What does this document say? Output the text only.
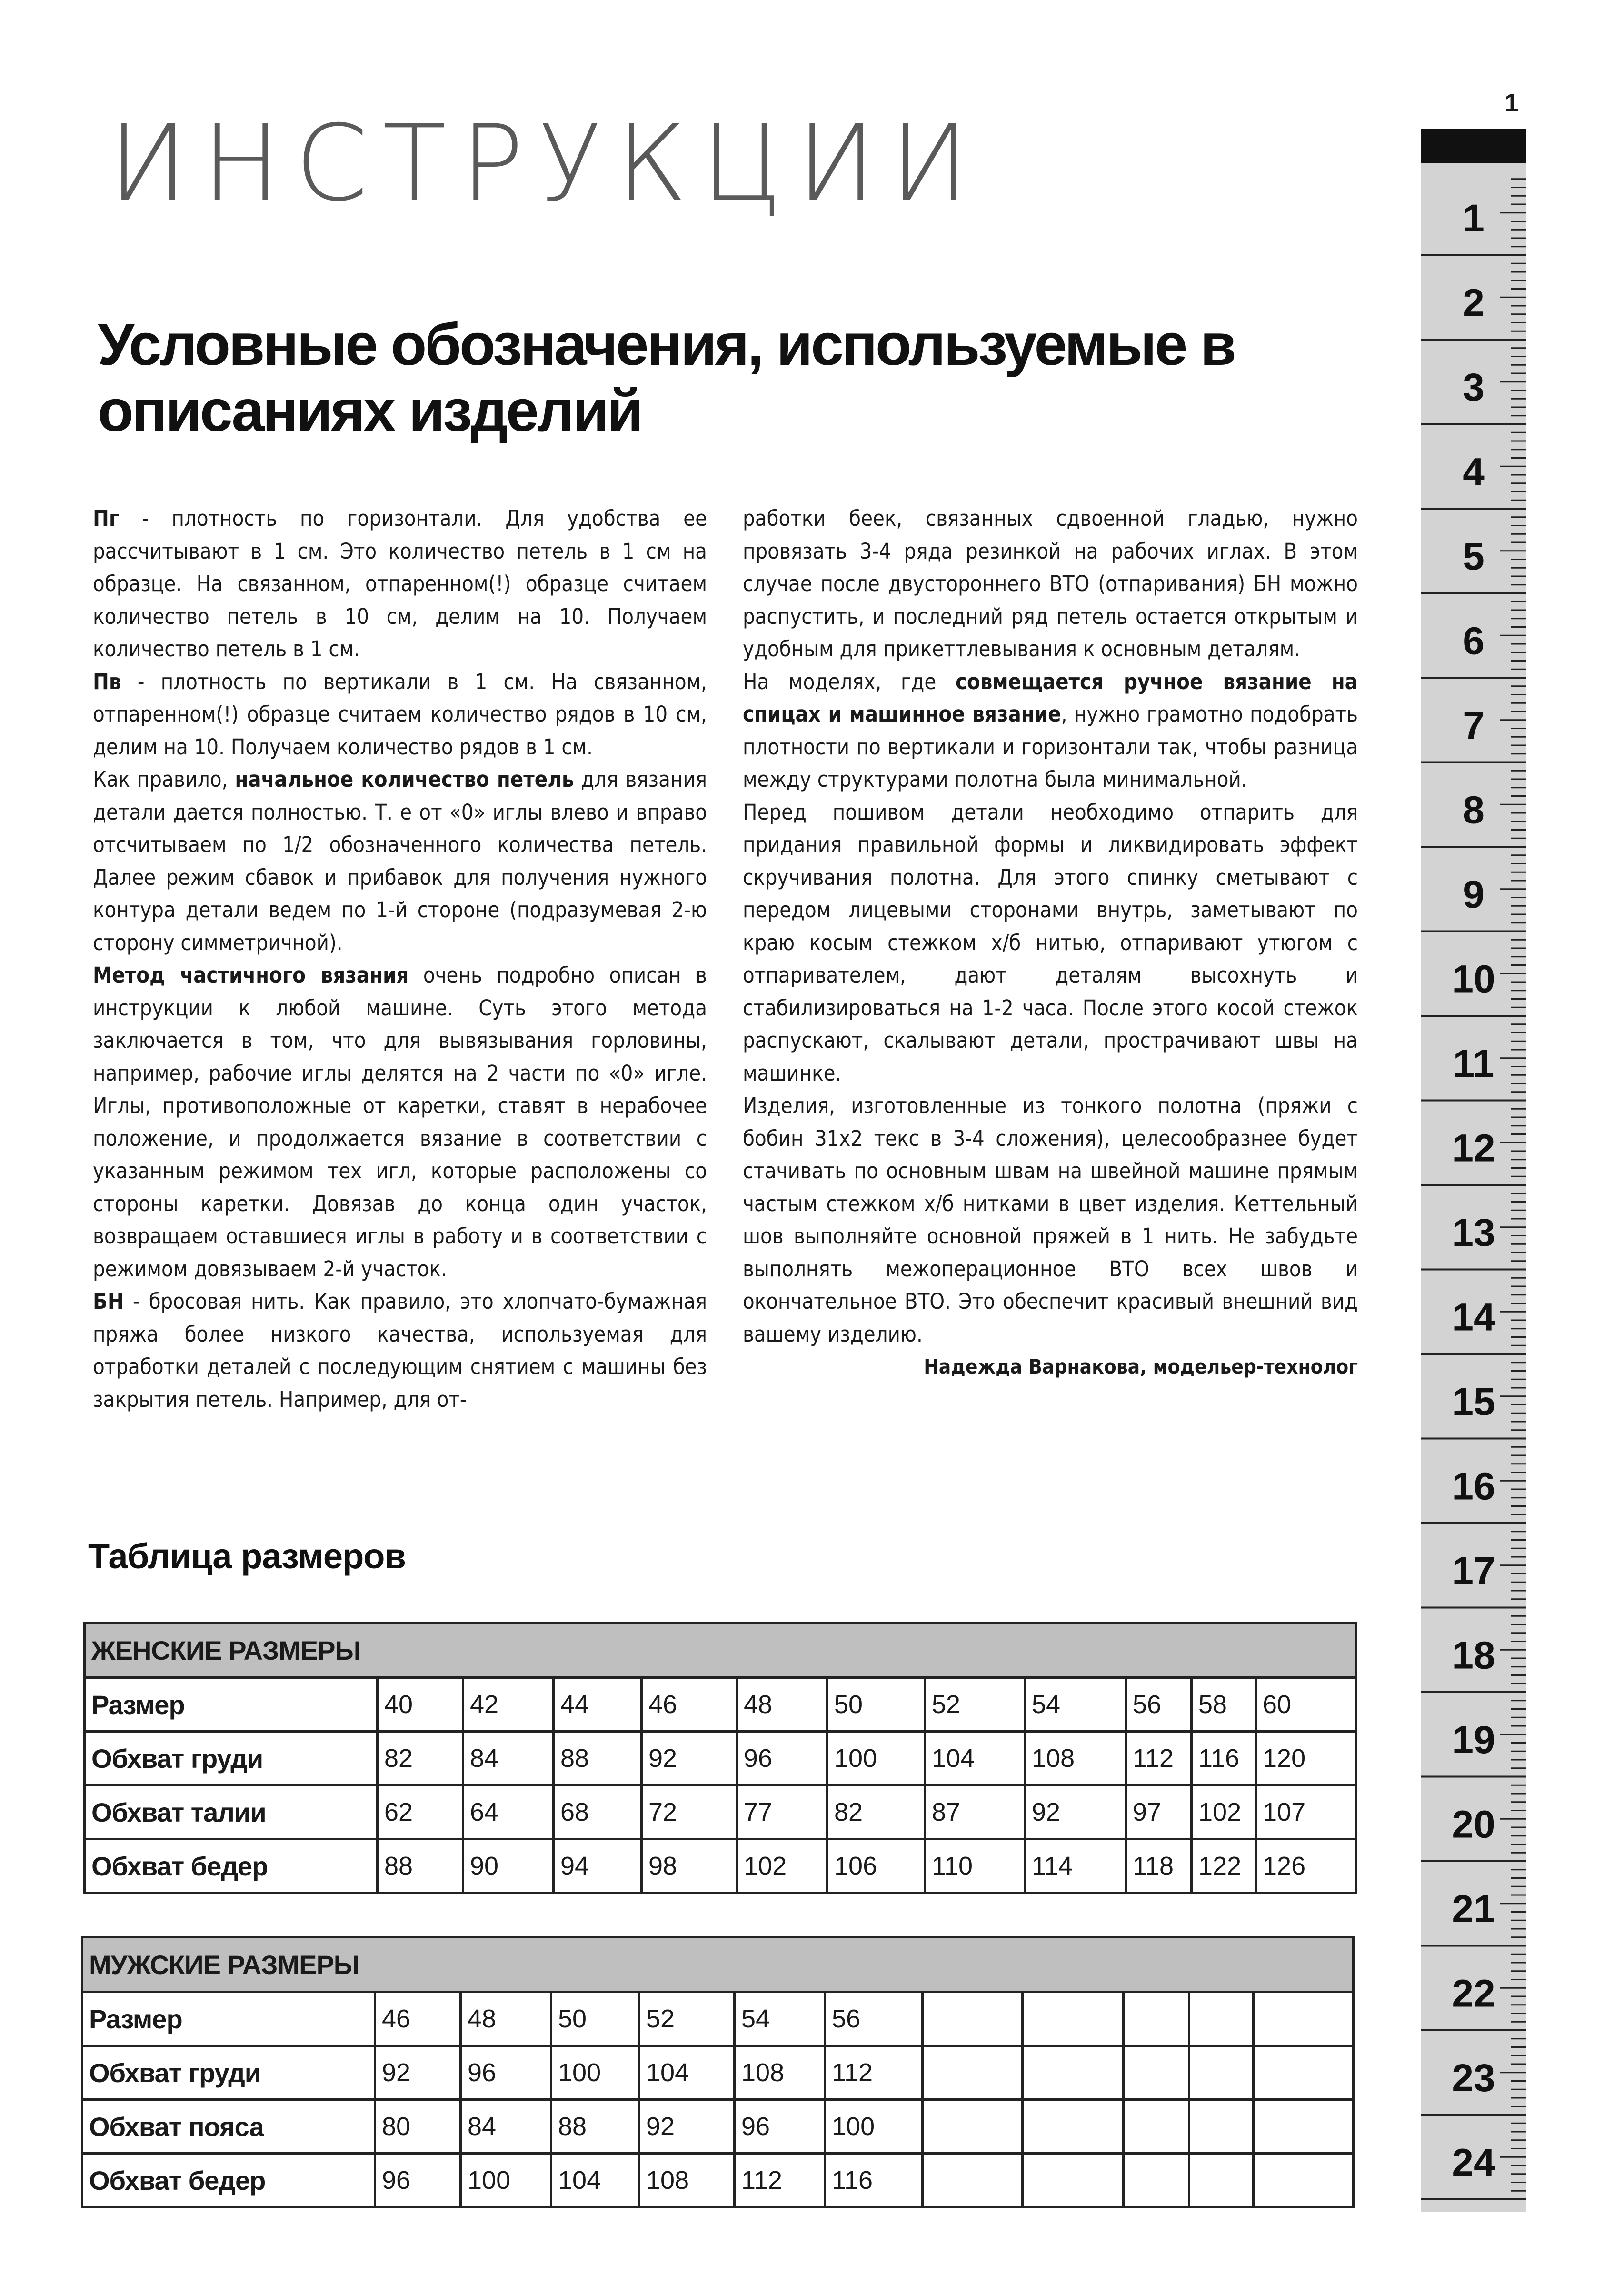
1
ИНСТРУКЦИИ
Условные обозначения, используемые в описаниях изделий

Пг - плотность по горизонтали. Для удобства ее рассчитывают в 1 см. Это количество петель в 1 см на образце. На связанном, отпаренном(!) образце считаем количество петель в 10 см, делим на 10. Получаем количество петель в 1 см.

Пв - плотность по вертикали в 1 см. На связанном, отпаренном(!) образце считаем количество рядов в 10 см, делим на 10. Получаем количество рядов в 1 см.

Как правило, начальное количество петель для вязания детали дается полностью. Т. е от «0» иглы влево и вправо отсчитываем по 1/2 обозначенного количества петель. Далее режим сбавок и прибавок для получения нужного контура детали ведем по 1-й стороне (подразумевая 2-ю сторону симметричной).

Метод частичного вязания очень подробно описан в инструкции к любой машине. Суть этого метода заключается в том, что для вывязывания горловины, например, рабочие иглы делятся на 2 части по «0» игле. Иглы, противоположные от каретки, ставят в нерабочее положение, и продолжается вязание в соответствии с указанным режимом тех игл, которые расположены со стороны каретки. Довязав до конца один участок, возвращаем оставшиеся иглы в работу и в соответствии с режимом довязываем 2-й участок.

БН - бросовая нить. Как правило, это хлопчато-бумажная пряжа более низкого качества, используемая для отработки деталей с последующим снятием с машины без закрытия петель. Например, для от-

работки беек, связанных сдвоенной гладью, нужно провязать 3-4 ряда резинкой на рабочих иглах. В этом случае после двустороннего ВТО (отпаривания) БН можно распустить, и последний ряд петель остается открытым и удобным для прикеттлевывания к основным деталям.

На моделях, где совмещается ручное вязание на спицах и машинное вязание, нужно грамотно подобрать плотности по вертикали и горизонтали так, чтобы разница между структурами полотна была минимальной.

Перед пошивом детали необходимо отпарить для придания правильной формы и ликвидировать эффект скручивания полотна. Для этого спинку сметывают с передом лицевыми сторонами внутрь, заметывают по краю косым стежком х/б нитью, отпаривают утюгом с отпаривателем, дают деталям высохнуть и стабилизироваться на 1-2 часа. После этого косой стежок распускают, скалывают детали, прострачивают швы на машинке.

Изделия, изготовленные из тонкого полотна (пряжи с бобин 31х2 текс в 3-4 сложения), целесообразнее будет стачивать по основным швам на швейной машине прямым частым стежком х/б нитками в цвет изделия. Кеттельный шов выполняйте основной пряжей в 1 нить. Не забудьте выполнять межоперационное ВТО всех швов и окончательное ВТО. Это обеспечит красивый внешний вид вашему изделию.

Надежда Варнакова, модельер-технолог

Таблица размеров
ЖЕНСКИЕ РАЗМЕРЫ											
Размер	40	42	44	46	48	50	52	54	56	58	60
Обхват груди	82	84	88	92	96	100	104	108	112	116	120
Обхват талии	62	64	68	72	77	82	87	92	97	102	107
Обхват бедер	88	90	94	98	102	106	110	114	118	122	126
МУЖСКИЕ РАЗМЕРЫ											
Размер	46	48	50	52	54	56					
Обхват груди	92	96	100	104	108	112					
Обхват пояса	80	84	88	92	96	100					
Обхват бедер	96	100	104	108	112	116					
1
2
3
4
5
6
7
8
9
10
11
12
13
14
15
16
17
18
19
20
21
22
23
24
